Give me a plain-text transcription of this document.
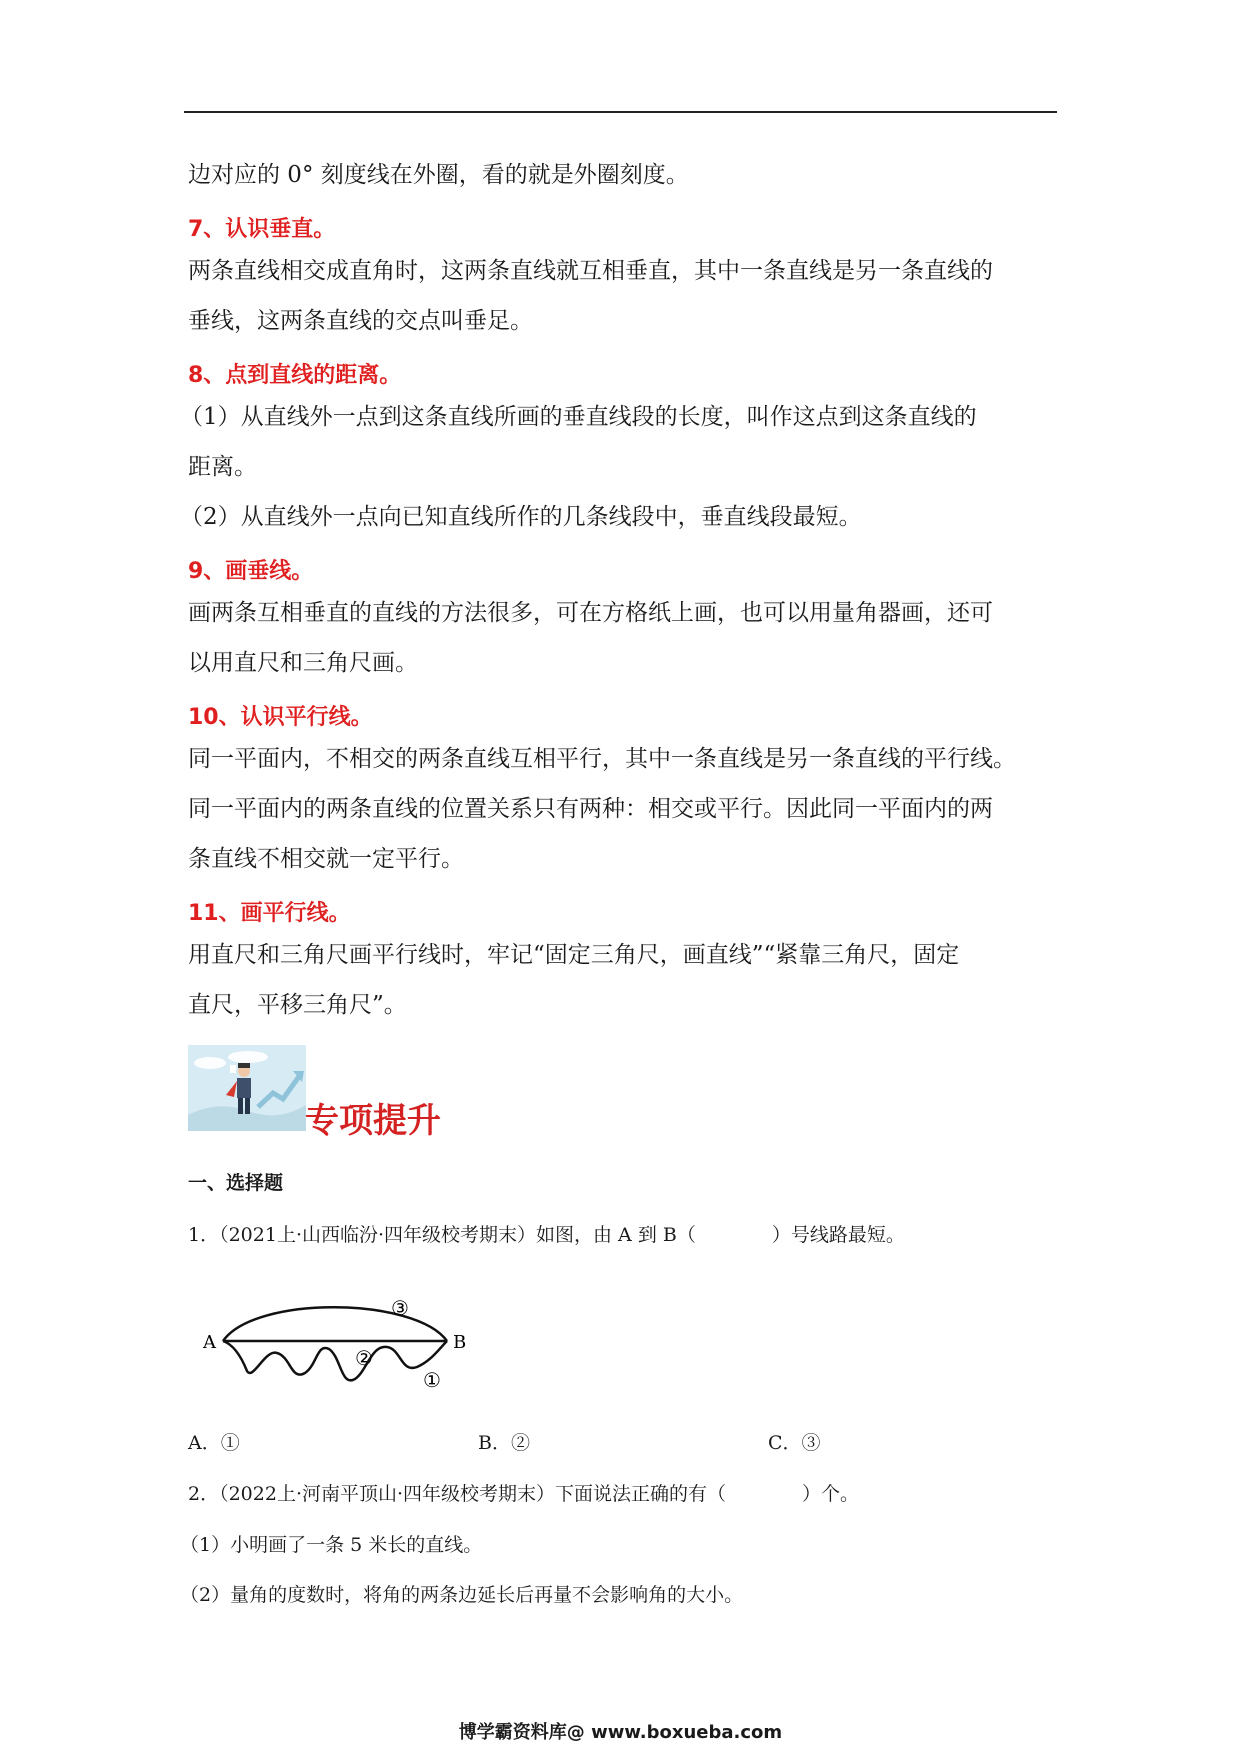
边对应的 0° 刻度线在外圈，看的就是外圈刻度。
7、认识垂直。
两条直线相交成直角时，这两条直线就互相垂直，其中一条直线是另一条直线的
垂线，这两条直线的交点叫垂足。
8、点到直线的距离。
（1）从直线外一点到这条直线所画的垂直线段的长度，叫作这点到这条直线的
距离。
（2）从直线外一点向已知直线所作的几条线段中，垂直线段最短。
9、画垂线。
画两条互相垂直的直线的方法很多，可在方格纸上画，也可以用量角器画，还可
以用直尺和三角尺画。
10、认识平行线。
同一平面内，不相交的两条直线互相平行，其中一条直线是另一条直线的平行线。
同一平面内的两条直线的位置关系只有两种：相交或平行。因此同一平面内的两
条直线不相交就一定平行。
11、画平行线。
用直尺和三角尺画平行线时，牢记“固定三角尺，画直线”“紧靠三角尺，固定
直尺，平移三角尺”。
专项提升
一、选择题
1．（2021上·山西临汾·四年级校考期末）如图，由 A 到 B（　　　　）号线路最短。
A	B
③
②
①
A．①	B．②	C．③
2．（2022上·河南平顶山·四年级校考期末）下面说法正确的有（　　　　）个。
（1）小明画了一条 5 米长的直线。
（2）量角的度数时，将角的两条边延长后再量不会影响角的大小。
博学霸资料库@ www.boxueba.com
